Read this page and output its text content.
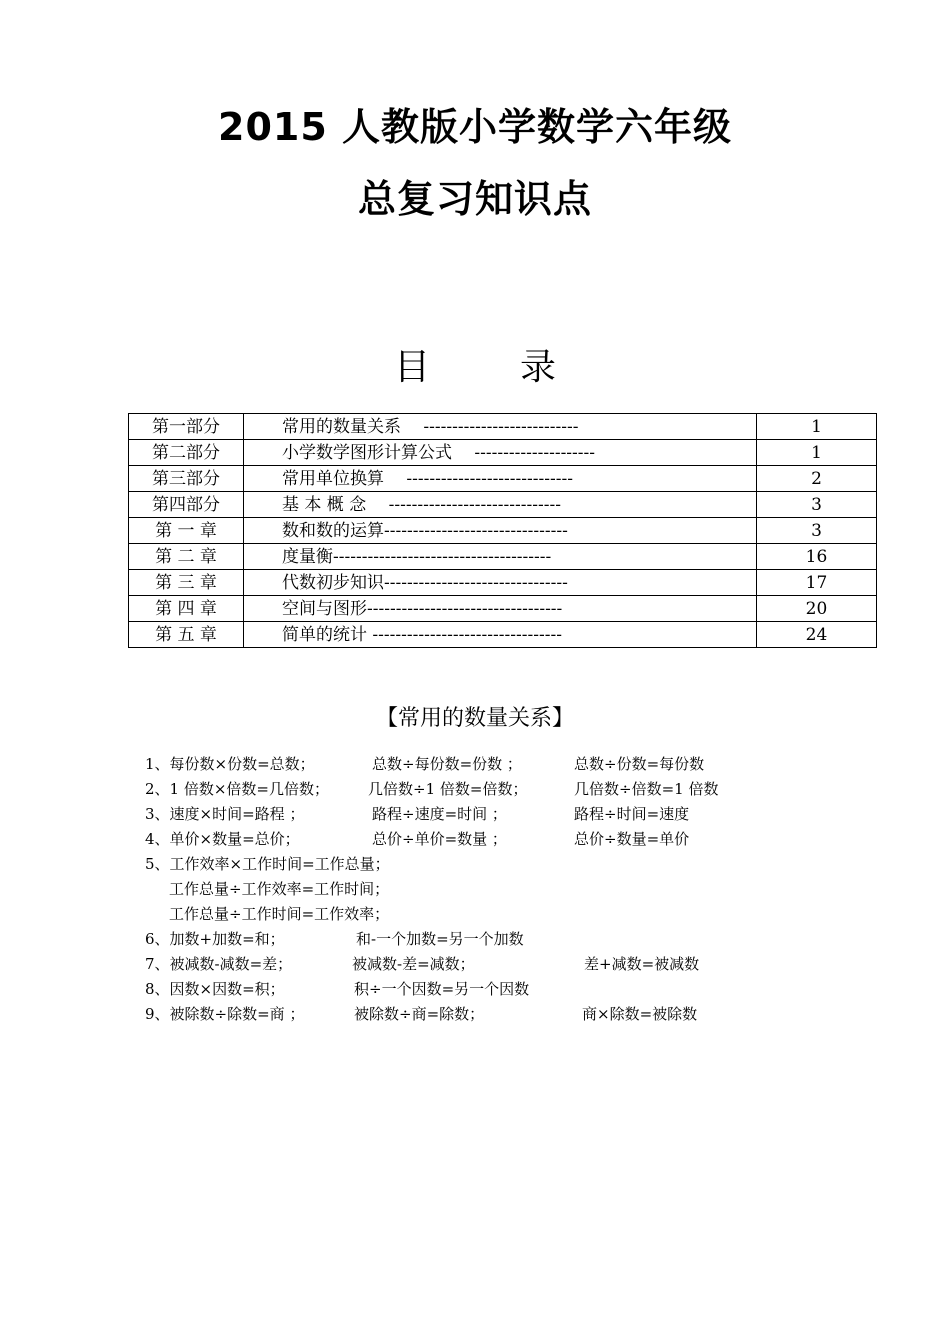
2015 人教版小学数学六年级
总复习知识点
目	录
第一部分	常用的数量关系　 ---------------------------	1
第二部分	小学数学图形计算公式　 ---------------------	1
第三部分	常用单位换算　 -----------------------------	2
第四部分	基 本 概 念　 ------------------------------	3
第 一 章	数和数的运算--------------------------------	3
第 二 章	度量衡--------------------------------------	16
第 三 章	代数初步知识--------------------------------	17
第 四 章	空间与图形----------------------------------	20
第 五 章	简单的统计 ---------------------------------	24
【常用的数量关系】
1、每份数×份数=总数；	总数÷每份数=份数 ；	总数÷份数=每份数
2、1 倍数×倍数=几倍数；	几倍数÷1 倍数=倍数；	几倍数÷倍数=1 倍数
3、速度×时间=路程 ；	路程÷速度=时间 ；	路程÷时间=速度
4、单价×数量=总价；	总价÷单价=数量 ；	总价÷数量=单价
5、工作效率×工作时间=工作总量；
工作总量÷工作效率=工作时间；
工作总量÷工作时间=工作效率；
6、加数+加数=和；	和-一个加数=另一个加数
7、被减数-减数=差；	被减数-差=减数；	差+减数=被减数
8、因数×因数=积；	积÷一个因数=另一个因数
9、被除数÷除数=商 ；	被除数÷商=除数；	商×除数=被除数
